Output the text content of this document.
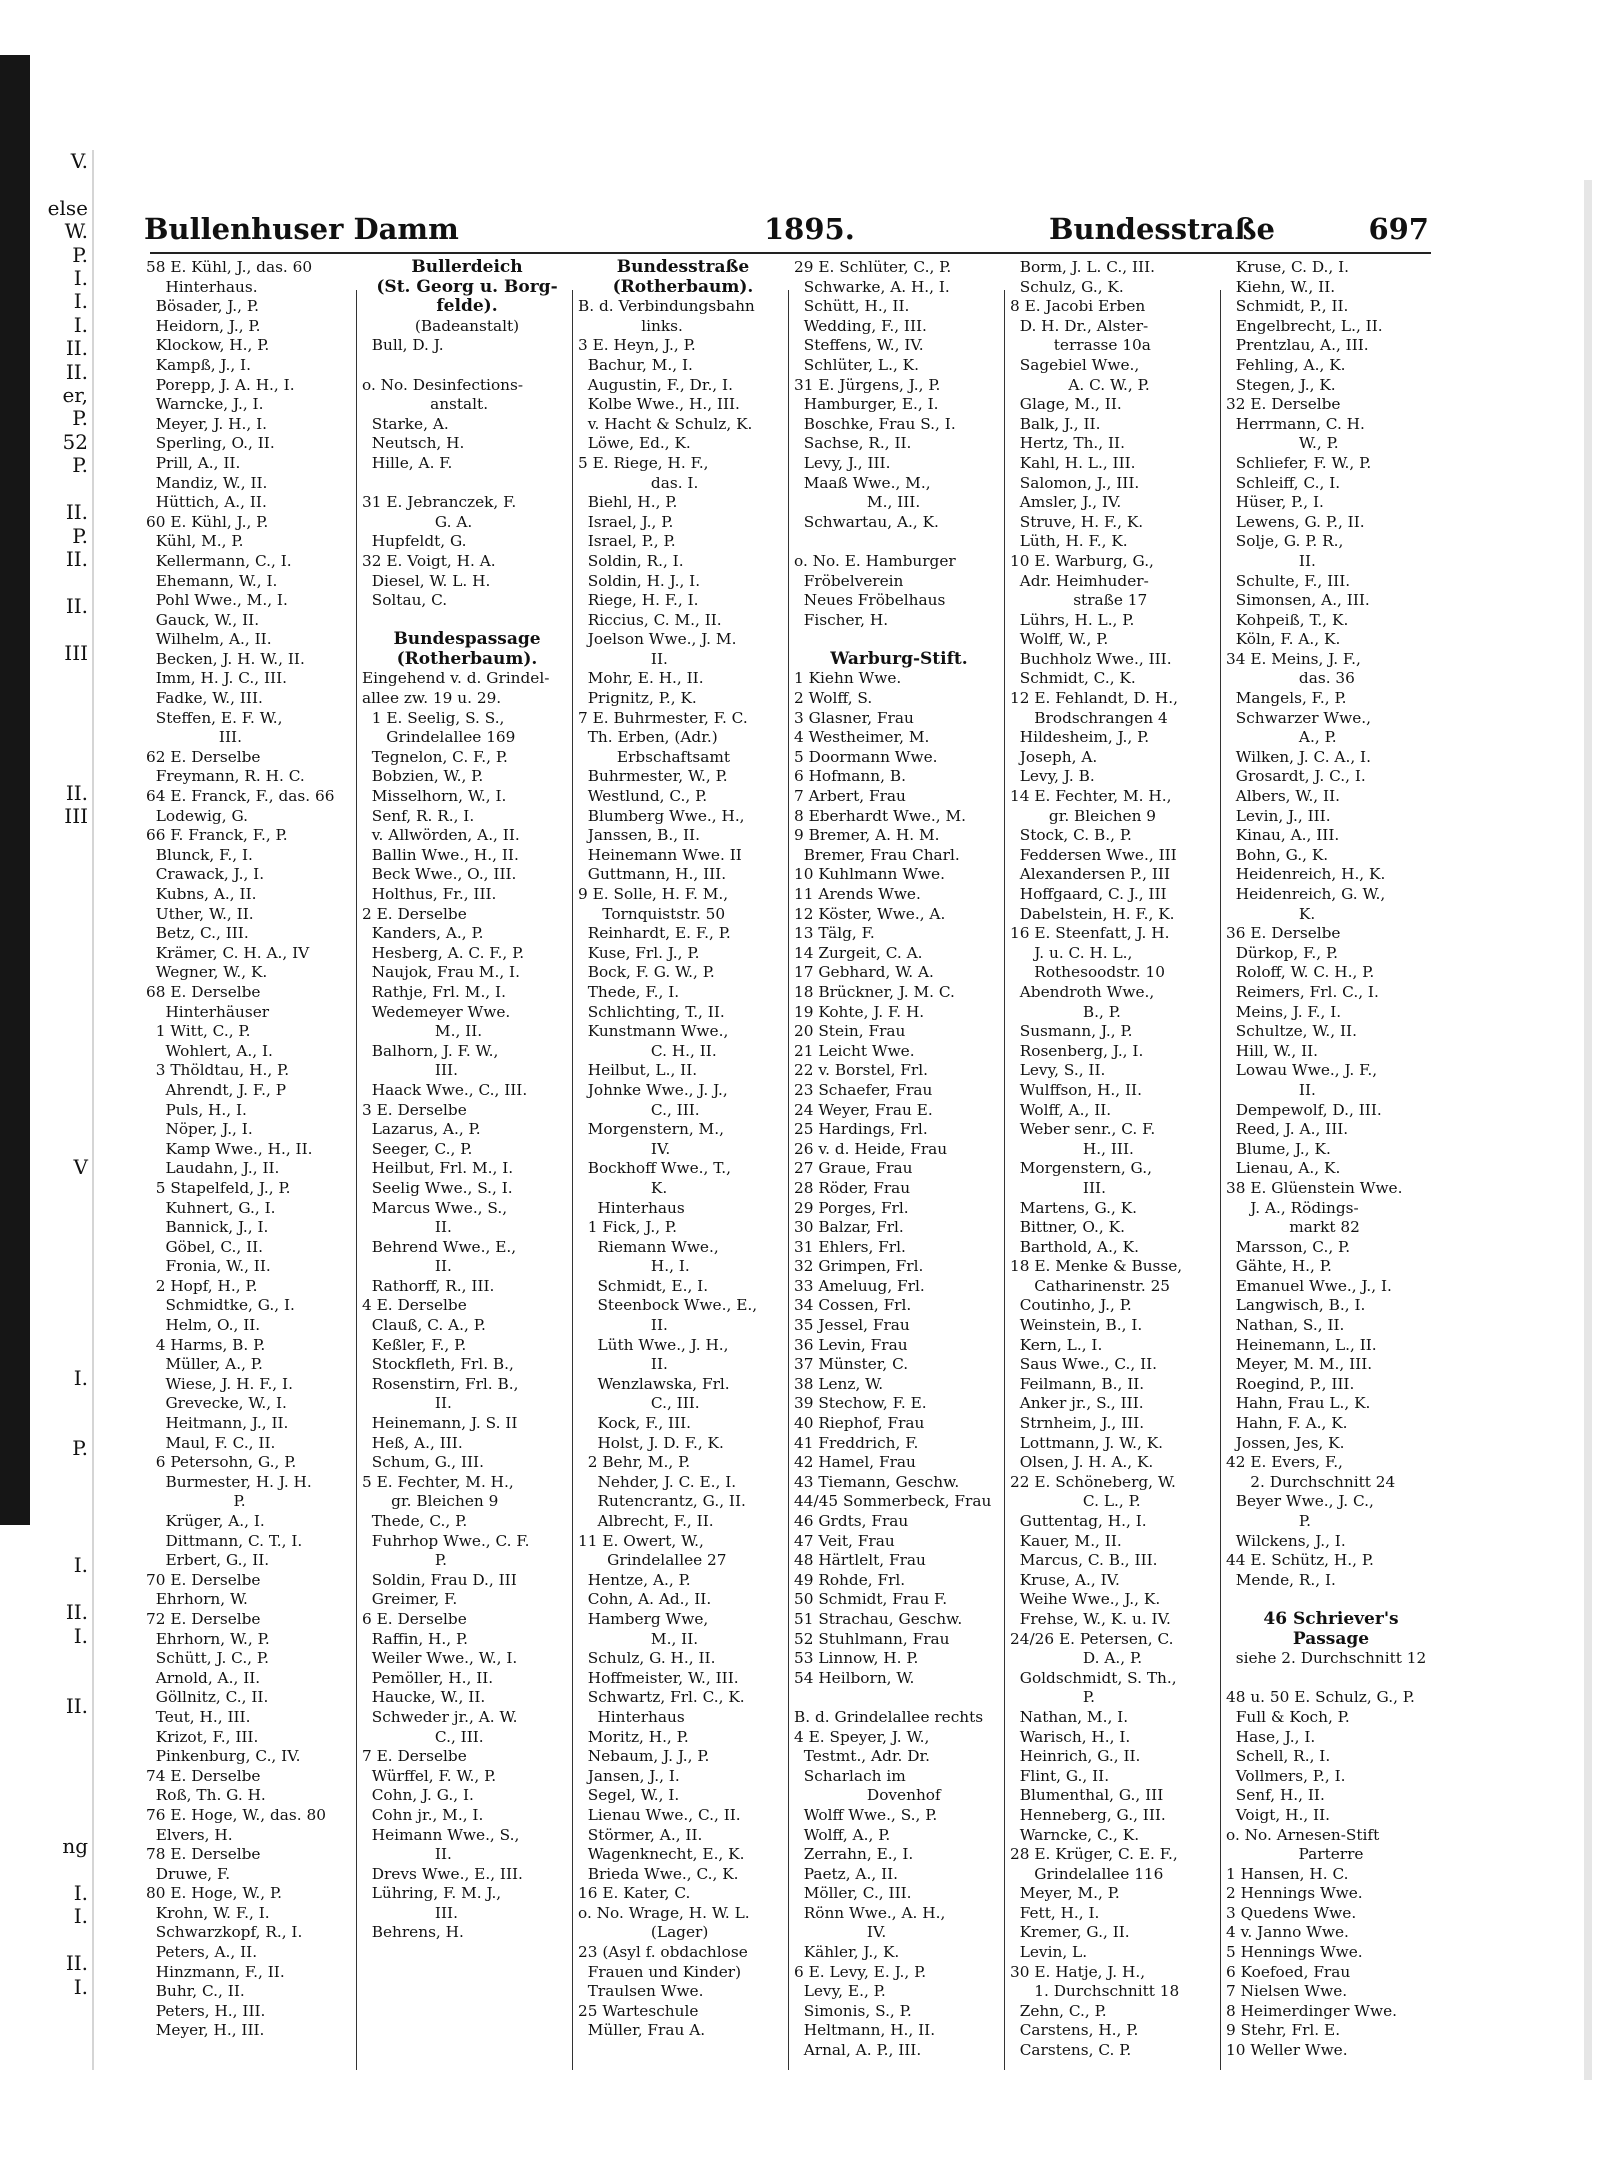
V.

else
W.
P.
I.
I.
I.
II.
II.
er,
P.
52
P.

II.
P.
II.

II.

III

II.
III

V

I.

P.

I.

II.
I.

II.

ng

I.
I.

II.
I.
Bullenhuser Damm	1895.	Bundesstraße	697
58 E. Kühl, J., das. 60
Hinterhaus.
Bösader, J., P.
Heidorn, J., P.
Klockow, H., P.
Kampß, J., I.
Porepp, J. A. H., I.
Warncke, J., I.
Meyer, J. H., I.
Sperling, O., II.
Prill, A., II.
Mandiz, W., II.
Hüttich, A., II.
60 E. Kühl, J., P.
Kühl, M., P.
Kellermann, C., I.
Ehemann, W., I.
Pohl Wwe., M., I.
Gauck, W., II.
Wilhelm, A., II.
Becken, J. H. W., II.
Imm, H. J. C., III.
Fadke, W., III.
Steffen, E. F. W.,
III.
62 E. Derselbe
Freymann, R. H. C.
64 E. Franck, F., das. 66
Lodewig, G.
66 F. Franck, F., P.
Blunck, F., I.
Crawack, J., I.
Kubns, A., II.
Uther, W., II.
Betz, C., III.
Krämer, C. H. A., IV
Wegner, W., K.
68 E. Derselbe
Hinterhäuser
1 Witt, C., P.
Wohlert, A., I.
3 Thöldtau, H., P.
Ahrendt, J. F., P
Puls, H., I.
Nöper, J., I.
Kamp Wwe., H., II.
Laudahn, J., II.
5 Stapelfeld, J., P.
Kuhnert, G., I.
Bannick, J., I.
Göbel, C., II.
Fronia, W., II.
2 Hopf, H., P.
Schmidtke, G., I.
Helm, O., II.
4 Harms, B. P.
Müller, A., P.
Wiese, J. H. F., I.
Grevecke, W., I.
Heitmann, J., II.
Maul, F. C., II.
6 Petersohn, G., P.
Burmester, H. J. H.
P.
Krüger, A., I.
Dittmann, C. T., I.
Erbert, G., II.
70 E. Derselbe
Ehrhorn, W.
72 E. Derselbe
Ehrhorn, W., P.
Schütt, J. C., P.
Arnold, A., II.
Göllnitz, C., II.
Teut, H., III.
Krizot, F., III.
Pinkenburg, C., IV.
74 E. Derselbe
Roß, Th. G. H.
76 E. Hoge, W., das. 80
Elvers, H.
78 E. Derselbe
Druwe, F.
80 E. Hoge, W., P.
Krohn, W. F., I.
Schwarzkopf, R., I.
Peters, A., II.
Hinzmann, F., II.
Buhr, C., II.
Peters, H., III.
Meyer, H., III.
Bullerdeich
(St. Georg u. Borg-
felde).
(Badeanstalt)
Bull, D. J.

o. No. Desinfections-
anstalt.
Starke, A.
Neutsch, H.
Hille, A. F.

31 E. Jebranczek, F.
G. A.
Hupfeldt, G.
32 E. Voigt, H. A.
Diesel, W. L. H.
Soltau, C.

Bundespassage
(Rotherbaum).
Eingehend v. d. Grindel-
allee zw. 19 u. 29.
1 E. Seelig, S. S.,
Grindelallee 169
Tegnelon, C. F., P.
Bobzien, W., P.
Misselhorn, W., I.
Senf, R. R., I.
v. Allwörden, A., II.
Ballin Wwe., H., II.
Beck Wwe., O., III.
Holthus, Fr., III.
2 E. Derselbe
Kanders, A., P.
Hesberg, A. C. F., P.
Naujok, Frau M., I.
Rathje, Frl. M., I.
Wedemeyer Wwe.
M., II.
Balhorn, J. F. W.,
III.
Haack Wwe., C., III.
3 E. Derselbe
Lazarus, A., P.
Seeger, C., P.
Heilbut, Frl. M., I.
Seelig Wwe., S., I.
Marcus Wwe., S.,
II.
Behrend Wwe., E.,
II.
Rathorff, R., III.
4 E. Derselbe
Clauß, C. A., P.
Keßler, F., P.
Stockfleth, Frl. B.,
Rosenstirn, Frl. B.,
II.
Heinemann, J. S. II
Heß, A., III.
Schum, G., III.
5 E. Fechter, M. H.,
gr. Bleichen 9
Thede, C., P.
Fuhrhop Wwe., C. F.
P.
Soldin, Frau D., III
Greimer, F.
6 E. Derselbe
Raffin, H., P.
Weiler Wwe., W., I.
Pemöller, H., II.
Haucke, W., II.
Schweder jr., A. W.
C., III.
7 E. Derselbe
Würffel, F. W., P.
Cohn, J. G., I.
Cohn jr., M., I.
Heimann Wwe., S.,
II.
Drevs Wwe., E., III.
Lühring, F. M. J.,
III.
Behrens, H.
Bundesstraße
(Rotherbaum).
B. d. Verbindungsbahn
links.
3 E. Heyn, J., P.
Bachur, M., I.
Augustin, F., Dr., I.
Kolbe Wwe., H., III.
v. Hacht & Schulz, K.
Löwe, Ed., K.
5 E. Riege, H. F.,
das. I.
Biehl, H., P.
Israel, J., P.
Israel, P., P.
Soldin, R., I.
Soldin, H. J., I.
Riege, H. F., I.
Riccius, C. M., II.
Joelson Wwe., J. M.
II.
Mohr, E. H., II.
Prignitz, P., K.
7 E. Buhrmester, F. C.
Th. Erben, (Adr.)
Erbschaftsamt
Buhrmester, W., P.
Westlund, C., P.
Blumberg Wwe., H.,
Janssen, B., II.
Heinemann Wwe. II
Guttmann, H., III.
9 E. Solle, H. F. M.,
Tornquiststr. 50
Reinhardt, E. F., P.
Kuse, Frl. J., P.
Bock, F. G. W., P.
Thede, F., I.
Schlichting, T., II.
Kunstmann Wwe.,
C. H., II.
Heilbut, L., II.
Johnke Wwe., J. J.,
C., III.
Morgenstern, M.,
IV.
Bockhoff Wwe., T.,
K.
Hinterhaus
1 Fick, J., P.
Riemann Wwe.,
H., I.
Schmidt, E., I.
Steenbock Wwe., E.,
II.
Lüth Wwe., J. H.,
II.
Wenzlawska, Frl.
C., III.
Kock, F., III.
Holst, J. D. F., K.
2 Behr, M., P.
Nehder, J. C. E., I.
Rutencrantz, G., II.
Albrecht, F., II.
11 E. Owert, W.,
Grindelallee 27
Hentze, A., P.
Cohn, A. Ad., II.
Hamberg Wwe,
M., II.
Schulz, G. H., II.
Hoffmeister, W., III.
Schwartz, Frl. C., K.
Hinterhaus
Moritz, H., P.
Nebaum, J. J., P.
Jansen, J., I.
Segel, W., I.
Lienau Wwe., C., II.
Störmer, A., II.
Wagenknecht, E., K.
Brieda Wwe., C., K.
16 E. Kater, C.
o. No. Wrage, H. W. L.
(Lager)
23 (Asyl f. obdachlose
Frauen und Kinder)
Traulsen Wwe.
25 Warteschule
Müller, Frau A.
29 E. Schlüter, C., P.
Schwarke, A. H., I.
Schütt, H., II.
Wedding, F., III.
Steffens, W., IV.
Schlüter, L., K.
31 E. Jürgens, J., P.
Hamburger, E., I.
Boschke, Frau S., I.
Sachse, R., II.
Levy, J., III.
Maaß Wwe., M.,
M., III.
Schwartau, A., K.

o. No. E. Hamburger
Fröbelverein
Neues Fröbelhaus
Fischer, H.

Warburg-Stift.
1 Kiehn Wwe.
2 Wolff, S.
3 Glasner, Frau
4 Westheimer, M.
5 Doormann Wwe.
6 Hofmann, B.
7 Arbert, Frau
8 Eberhardt Wwe., M.
9 Bremer, A. H. M.
Bremer, Frau Charl.
10 Kuhlmann Wwe.
11 Arends Wwe.
12 Köster, Wwe., A.
13 Tälg, F.
14 Zurgeit, C. A.
17 Gebhard, W. A.
18 Brückner, J. M. C.
19 Kohte, J. F. H.
20 Stein, Frau
21 Leicht Wwe.
22 v. Borstel, Frl.
23 Schaefer, Frau
24 Weyer, Frau E.
25 Hardings, Frl.
26 v. d. Heide, Frau
27 Graue, Frau
28 Röder, Frau
29 Porges, Frl.
30 Balzar, Frl.
31 Ehlers, Frl.
32 Grimpen, Frl.
33 Ameluug, Frl.
34 Cossen, Frl.
35 Jessel, Frau
36 Levin, Frau
37 Münster, C.
38 Lenz, W.
39 Stechow, F. E.
40 Riephof, Frau
41 Freddrich, F.
42 Hamel, Frau
43 Tiemann, Geschw.
44/45 Sommerbeck, Frau
46 Grdts, Frau
47 Veit, Frau
48 Härtlelt, Frau
49 Rohde, Frl.
50 Schmidt, Frau F.
51 Strachau, Geschw.
52 Stuhlmann, Frau
53 Linnow, H. P.
54 Heilborn, W.

B. d. Grindelallee rechts
4 E. Speyer, J. W.,
Testmt., Adr. Dr.
Scharlach im
Dovenhof
Wolff Wwe., S., P.
Wolff, A., P.
Zerrahn, E., I.
Paetz, A., II.
Möller, C., III.
Rönn Wwe., A. H.,
IV.
Kähler, J., K.
6 E. Levy, E. J., P.
Levy, E., P.
Simonis, S., P.
Heltmann, H., II.
Arnal, A. P., III.
Borm, J. L. C., III.
Schulz, G., K.
8 E. Jacobi Erben
D. H. Dr., Alster-
terrasse 10a
Sagebiel Wwe.,
A. C. W., P.
Glage, M., II.
Balk, J., II.
Hertz, Th., II.
Kahl, H. L., III.
Salomon, J., III.
Amsler, J., IV.
Struve, H. F., K.
Lüth, H. F., K.
10 E. Warburg, G.,
Adr. Heimhuder-
straße 17
Lührs, H. L., P.
Wolff, W., P.
Buchholz Wwe., III.
Schmidt, C., K.
12 E. Fehlandt, D. H.,
Brodschrangen 4
Hildesheim, J., P.
Joseph, A.
Levy, J. B.
14 E. Fechter, M. H.,
gr. Bleichen 9
Stock, C. B., P.
Feddersen Wwe., III
Alexandersen P., III
Hoffgaard, C. J., III
Dabelstein, H. F., K.
16 E. Steenfatt, J. H.
J. u. C. H. L.,
Rothesoodstr. 10
Abendroth Wwe.,
B., P.
Susmann, J., P.
Rosenberg, J., I.
Levy, S., II.
Wulffson, H., II.
Wolff, A., II.
Weber senr., C. F.
H., III.
Morgenstern, G.,
III.
Martens, G., K.
Bittner, O., K.
Barthold, A., K.
18 E. Menke & Busse,
Catharinenstr. 25
Coutinho, J., P.
Weinstein, B., I.
Kern, L., I.
Saus Wwe., C., II.
Feilmann, B., II.
Anker jr., S., III.
Strnheim, J., III.
Lottmann, J. W., K.
Olsen, J. H. A., K.
22 E. Schöneberg, W.
C. L., P.
Guttentag, H., I.
Kauer, M., II.
Marcus, C. B., III.
Kruse, A., IV.
Weihe Wwe., J., K.
Frehse, W., K. u. IV.
24/26 E. Petersen, C.
D. A., P.
Goldschmidt, S. Th.,
P.
Nathan, M., I.
Warisch, H., I.
Heinrich, G., II.
Flint, G., II.
Blumenthal, G., III
Henneberg, G., III.
Warncke, C., K.
28 E. Krüger, C. E. F.,
Grindelallee 116
Meyer, M., P.
Fett, H., I.
Kremer, G., II.
Levin, L.
30 E. Hatje, J. H.,
1. Durchschnitt 18
Zehn, C., P.
Carstens, H., P.
Carstens, C. P.
Kruse, C. D., I.
Kiehn, W., II.
Schmidt, P., II.
Engelbrecht, L., II.
Prentzlau, A., III.
Fehling, A., K.
Stegen, J., K.
32 E. Derselbe
Herrmann, C. H.
W., P.
Schliefer, F. W., P.
Schleiff, C., I.
Hüser, P., I.
Lewens, G. P., II.
Solje, G. P. R.,
II.
Schulte, F., III.
Simonsen, A., III.
Kohpeiß, T., K.
Köln, F. A., K.
34 E. Meins, J. F.,
das. 36
Mangels, F., P.
Schwarzer Wwe.,
A., P.
Wilken, J. C. A., I.
Grosardt, J. C., I.
Albers, W., II.
Levin, J., III.
Kinau, A., III.
Bohn, G., K.
Heidenreich, H., K.
Heidenreich, G. W.,
K.
36 E. Derselbe
Dürkop, F., P.
Roloff, W. C. H., P.
Reimers, Frl. C., I.
Meins, J. F., I.
Schultze, W., II.
Hill, W., II.
Lowau Wwe., J. F.,
II.
Dempewolf, D., III.
Reed, J. A., III.
Blume, J., K.
Lienau, A., K.
38 E. Glüenstein Wwe.
J. A., Rödings-
markt 82
Marsson, C., P.
Gähte, H., P.
Emanuel Wwe., J., I.
Langwisch, B., I.
Nathan, S., II.
Heinemann, L., II.
Meyer, M. M., III.
Roegind, P., III.
Hahn, Frau L., K.
Hahn, F. A., K.
Jossen, Jes, K.
42 E. Evers, F.,
2. Durchschnitt 24
Beyer Wwe., J. C.,
P.
Wilckens, J., I.
44 E. Schütz, H., P.
Mende, R., I.

46 Schriever's
Passage
siehe 2. Durchschnitt 12

48 u. 50 E. Schulz, G., P.
Full & Koch, P.
Hase, J., I.
Schell, R., I.
Vollmers, P., I.
Senf, H., II.
Voigt, H., II.
o. No. Arnesen-Stift
Parterre
1 Hansen, H. C.
2 Hennings Wwe.
3 Quedens Wwe.
4 v. Janno Wwe.
5 Hennings Wwe.
6 Koefoed, Frau
7 Nielsen Wwe.
8 Heimerdinger Wwe.
9 Stehr, Frl. E.
10 Weller Wwe.
